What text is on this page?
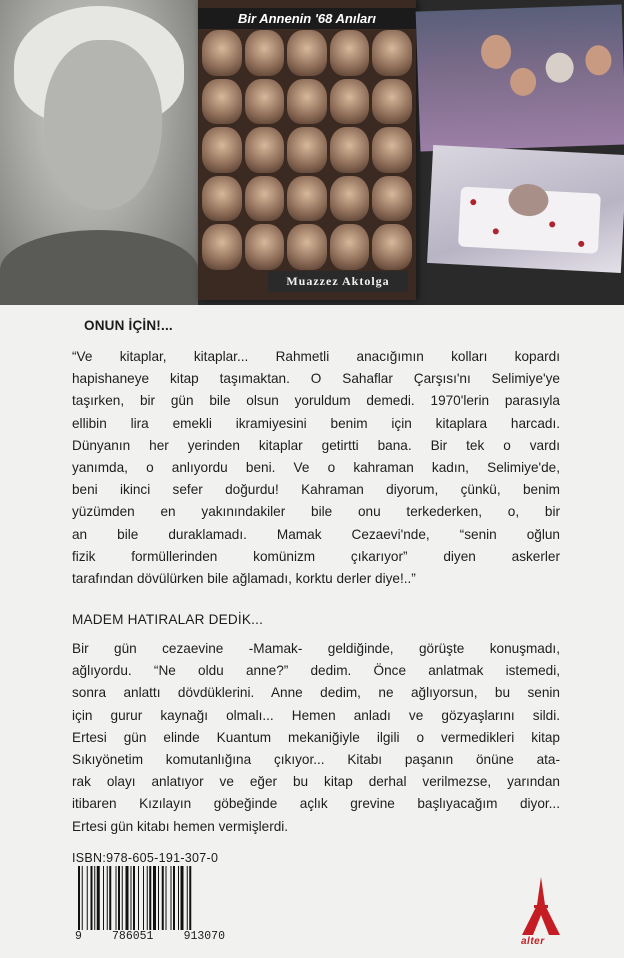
Bir Annenin '68 Anıları
Muazzez Aktolga
ONUN İÇİN!...
“Ve kitaplar, kitaplar... Rahmetli anacığımın kolları kopardı
hapishaneye kitap taşımaktan. O Sahaflar Çarşısı'nı Selimiye'ye
taşırken, bir gün bile olsun yoruldum demedi. 1970'lerin parasıyla
ellibin lira emekli ikramiyesini benim için kitaplara harcadı.
Dünyanın her yerinden kitaplar getirtti bana. Bir tek o vardı
yanımda, o anlıyordu beni. Ve o kahraman kadın, Selimiye'de,
beni ikinci sefer doğurdu! Kahraman diyorum, çünkü, benim
yüzümden en yakınındakiler bile onu terkederken, o, bir
an bile duraklamadı. Mamak Cezaevi'nde, “senin oğlun
fizik formüllerinden komünizm çıkarıyor” diyen askerler
tarafından dövülürken bile ağlamadı, korktu derler diye!..”
MADEM HATIRALAR DEDİK...
Bir gün cezaevine -Mamak- geldiğinde, görüşte konuşmadı,
ağlıyordu. “Ne oldu anne?” dedim. Önce anlatmak istemedi,
sonra anlattı dövdüklerini. Anne dedim, ne ağlıyorsun, bu senin
için gurur kaynağı olmalı... Hemen anladı ve gözyaşlarını sildi.
Ertesi gün elinde Kuantum mekaniğiyle ilgili o vermedikleri kitap
Sıkıyönetim komutanlığına çıkıyor... Kitabı paşanın önüne ata-
rak olayı anlatıyor ve eğer bu kitap derhal verilmezse, yarından
itibaren Kızılayın göbeğinde açlık grevine başlıyacağım diyor...
Ertesi gün kitabı hemen vermişlerdi.
ISBN:978-605-191-307-0
9	786051	913070	alter
